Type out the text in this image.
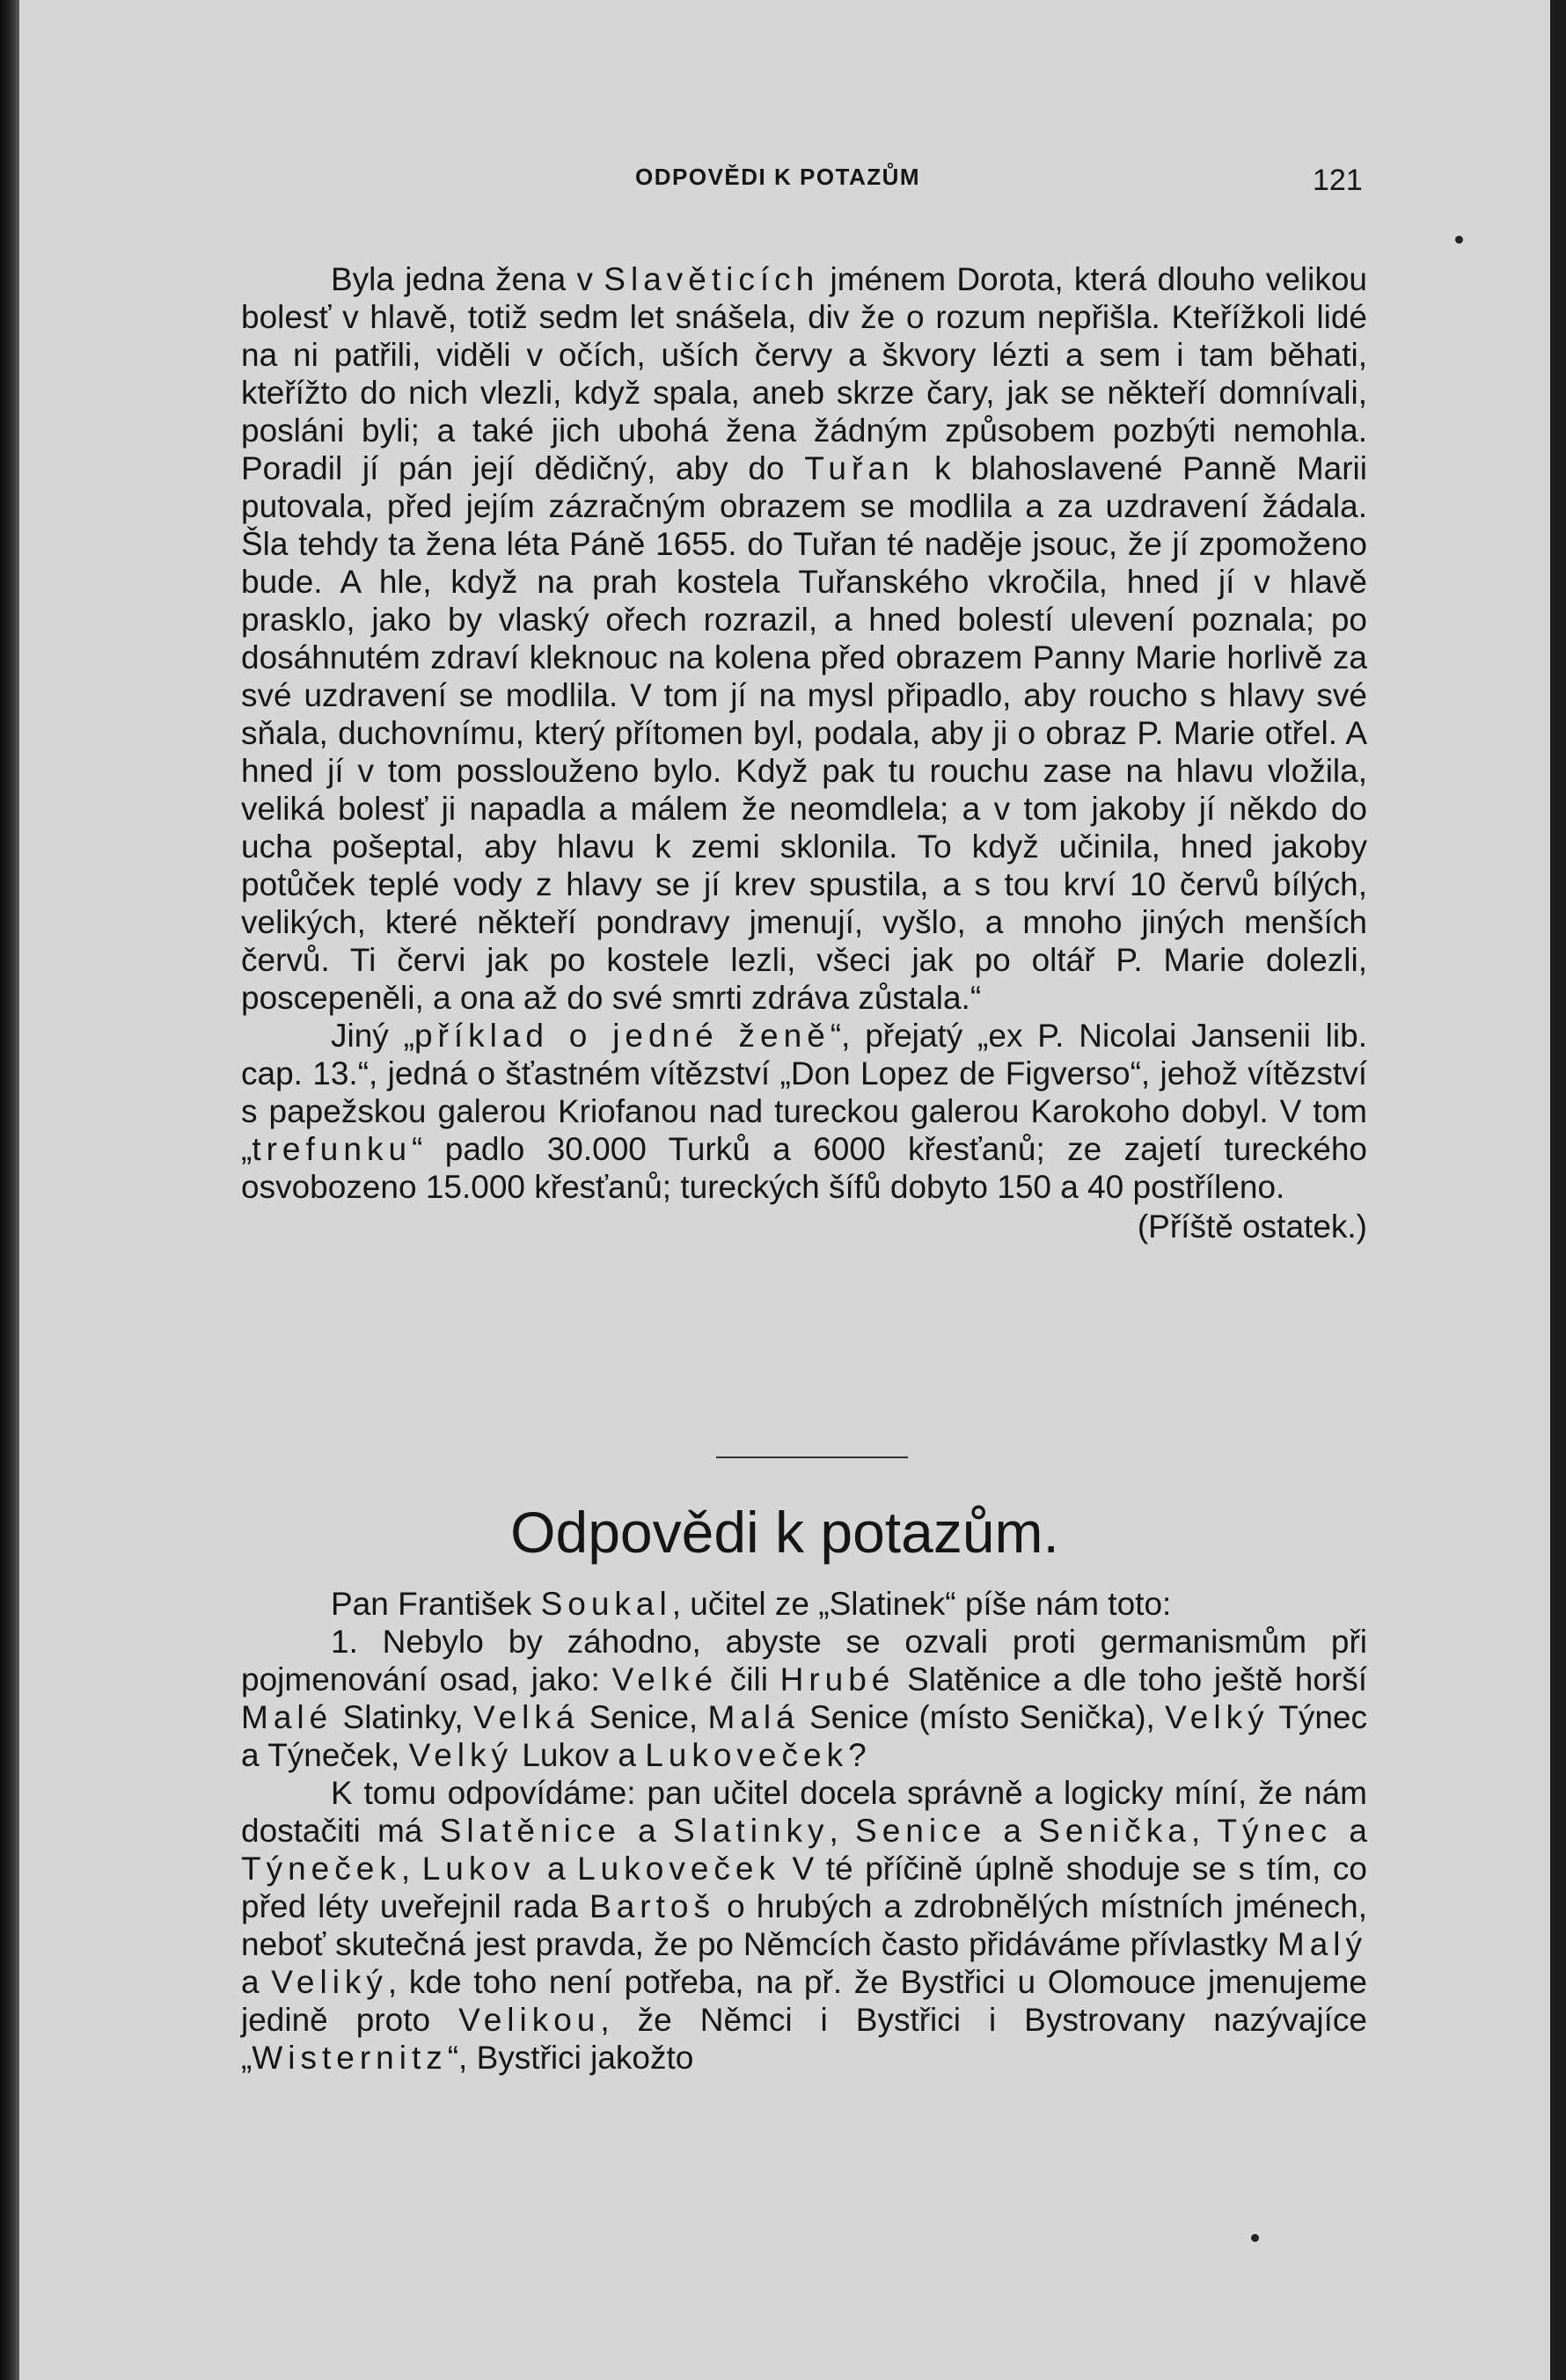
ODPOVĚDI K POTAZŮM	121

Byla jedna žena v Slavěticích jménem Dorota, která dlouho velikou bolesť v hlavě, totiž sedm let snášela, div že o rozum nepřišla. Kteřížkoli lidé na ni patřili, viděli v očích, uších červy a škvory lézti a sem i tam běhati, kteřížto do nich vlezli, když spala, aneb skrze čary, jak se někteří domnívali, posláni byli; a také jich ubohá žena žádným způsobem pozbýti nemohla. Poradil jí pán její dědičný, aby do Tuřan k blahoslavené Panně Marii putovala, před jejím zázračným obrazem se modlila a za uzdravení žádala. Šla tehdy ta žena léta Páně 1655. do Tuřan té naděje jsouc, že jí zpomoženo bude. A hle, když na prah kostela Tuřanského vkročila, hned jí v hlavě prasklo, jako by vlaský ořech rozrazil, a hned bolestí ulevení poznala; po dosáhnutém zdraví kleknouc na kolena před obrazem Panny Marie horlivě za své uzdravení se modlila. V tom jí na mysl připadlo, aby roucho s hlavy své sňala, duchovnímu, který přítomen byl, podala, aby ji o obraz P. Marie otřel. A hned jí v tom posslouženo bylo. Když pak tu rouchu zase na hlavu vložila, veliká bolesť ji napadla a málem že neomdlela; a v tom jakoby jí někdo do ucha pošeptal, aby hlavu k zemi sklonila. To když učinila, hned jakoby potůček teplé vody z hlavy se jí krev spustila, a s tou krví 10 červů bílých, velikých, které někteří pondravy jmenují, vyšlo, a mnoho jiných menších červů. Ti červi jak po kostele lezli, všeci jak po oltář P. Marie dolezli, poscepeněli, a ona až do své smrti zdráva zůstala.“

Jiný „příklad o jedné ženě“, přejatý „ex P. Nicolai Jansenii lib. cap. 13.“, jedná o šťastném vítězství „Don Lopez de Figverso“, jehož vítězství s papežskou galerou Kriofanou nad tureckou galerou Karokoho dobyl. V tom „trefunku“ padlo 30.000 Turků a 6000 křesťanů; ze zajetí tureckého osvobozeno 15.000 křesťanů; tureckých šífů dobyto 150 a 40 postříleno.

(Příště ostatek.)

Odpovědi k potazům.

Pan František Soukal, učitel ze „Slatinek“ píše nám toto:

1. Nebylo by záhodno, abyste se ozvali proti germanismům při pojmenování osad, jako: Velké čili Hrubé Slatěnice a dle toho ještě horší Malé Slatinky, Velká Senice, Malá Senice (místo Senička), Velký Týnec a Týneček, Velký Lukov a Lukoveček?

K tomu odpovídáme: pan učitel docela správně a logicky míní, že nám dostačiti má Slatěnice a Slatinky, Senice a Senička, Týnec a Týneček, Lukov a Lukoveček V té příčině úplně shoduje se s tím, co před léty uveřejnil rada Bartoš o hrubých a zdrobnělých místních jménech, neboť skutečná jest pravda, že po Němcích často přidáváme přívlastky Malý a Veliký, kde toho není potřeba, na př. že Bystřici u Olomouce jmenujeme jedině proto Velikou, že Němci i Bystřici i Bystrovany nazývajíce „Wisternitz“, Bystřici jakožto
